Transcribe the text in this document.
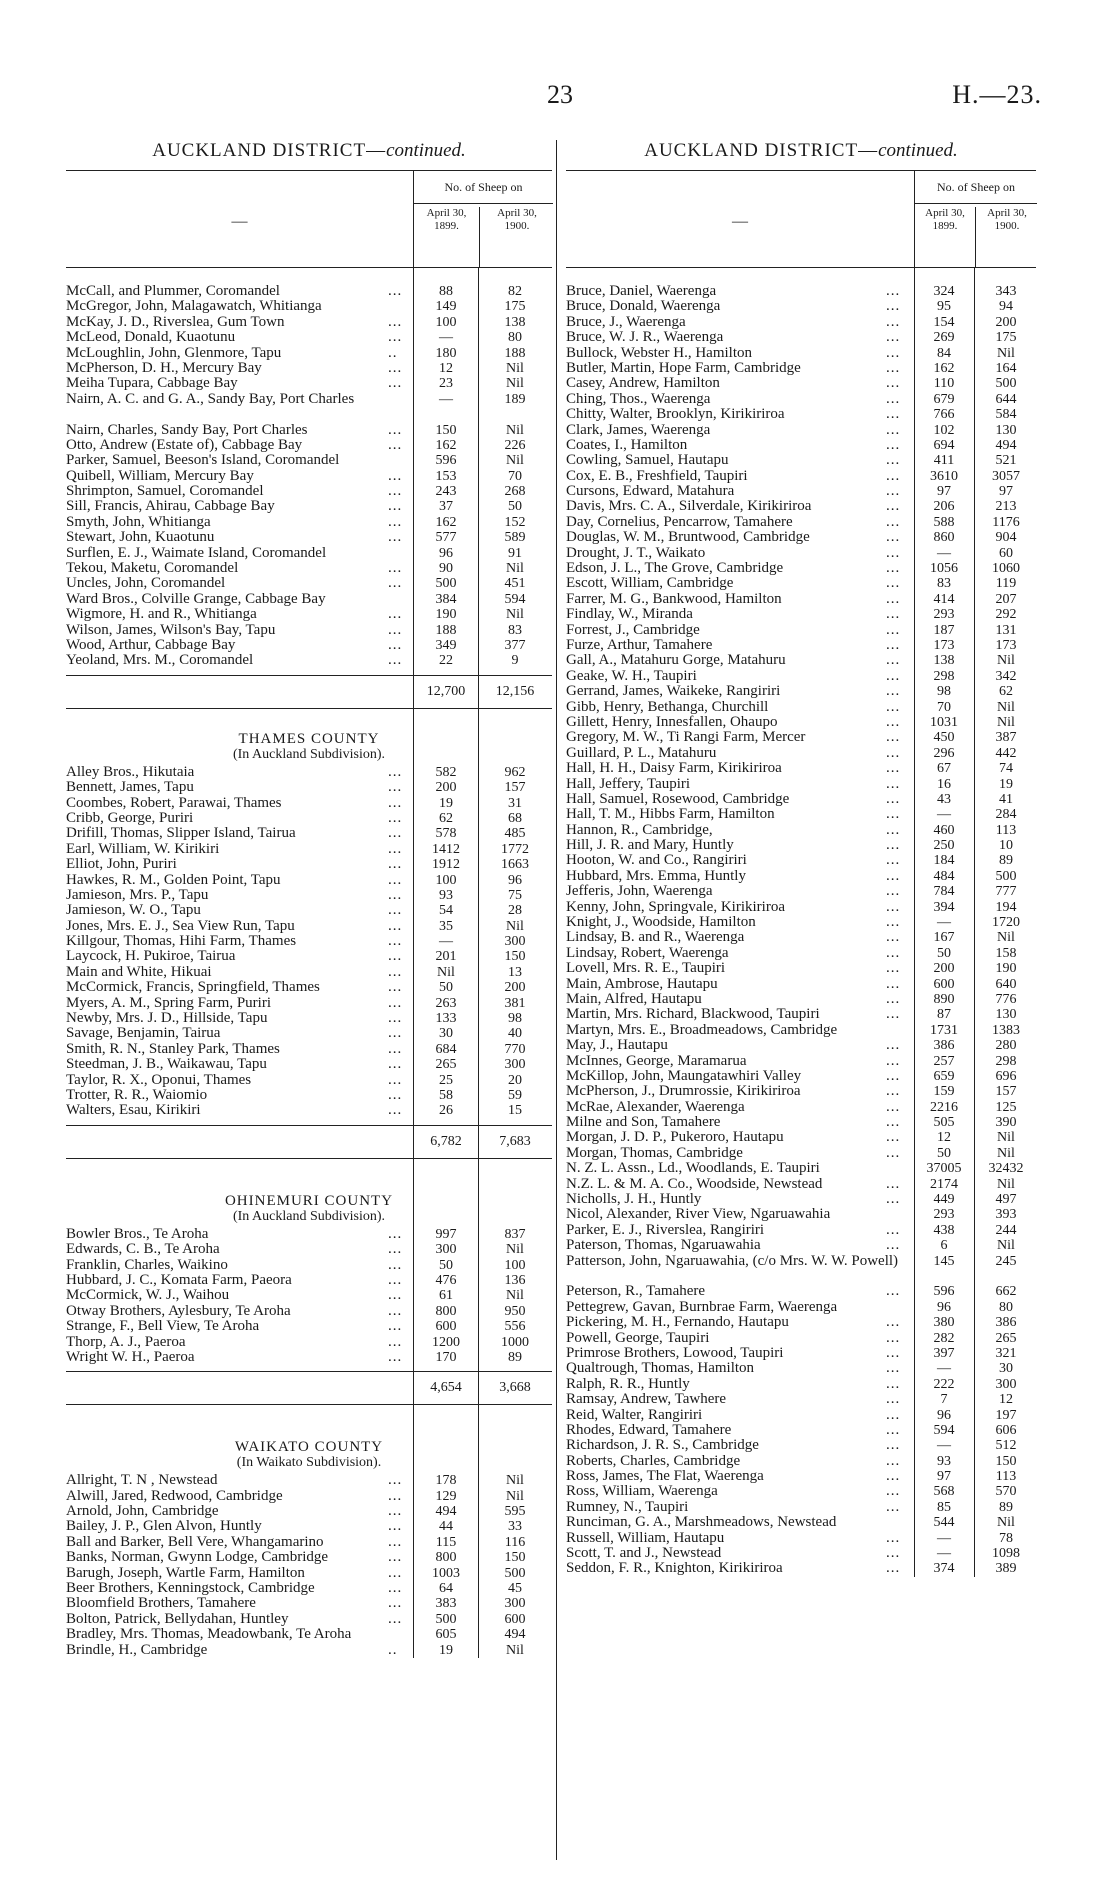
23	H.—23.
AUCKLAND DISTRICT—continued.
—
No. of Sheep on
April 30,
1899.
April 30,
1900.
McCall, and Plummer, Coromandel	...	88	82
McGregor, John, Malagawatch, Whitianga	149	175
McKay, J. D., Riverslea, Gum Town	...	100	138
McLeod, Donald, Kuaotunu	...	—	80
McLoughlin, John, Glenmore, Tapu	..	180	188
McPherson, D. H., Mercury Bay	...	12	Nil
Meiha Tupara, Cabbage Bay	...	23	Nil
Nairn, A. C. and G. A., Sandy Bay, Port Charles	—	189
Nairn, Charles, Sandy Bay, Port Charles	...	150	Nil
Otto, Andrew (Estate of), Cabbage Bay	...	162	226
Parker, Samuel, Beeson's Island, Coromandel	596	Nil
Quibell, William, Mercury Bay	...	153	70
Shrimpton, Samuel, Coromandel	...	243	268
Sill, Francis, Ahirau, Cabbage Bay	...	37	50
Smyth, John, Whitianga	...	162	152
Stewart, John, Kuaotunu	...	577	589
Surflen, E. J., Waimate Island, Coromandel	96	91
Tekou, Maketu, Coromandel	...	90	Nil
Uncles, John, Coromandel	...	500	451
Ward Bros., Colville Grange, Cabbage Bay	384	594
Wigmore, H. and R., Whitianga	...	190	Nil
Wilson, James, Wilson's Bay, Tapu	...	188	83
Wood, Arthur, Cabbage Bay	...	349	377
Yeoland, Mrs. M., Coromandel	...	22	9
12,700	12,156
THAMES COUNTY
(In Auckland Subdivision).
Alley Bros., Hikutaia	...	582	962
Bennett, James, Tapu	...	200	157
Coombes, Robert, Parawai, Thames	...	19	31
Cribb, George, Puriri	...	62	68
Drifill, Thomas, Slipper Island, Tairua	...	578	485
Earl, William, W. Kirikiri	...	1412	1772
Elliot, John, Puriri	...	1912	1663
Hawkes, R. M., Golden Point, Tapu	...	100	96
Jamieson, Mrs. P., Tapu	...	93	75
Jamieson, W. O., Tapu	...	54	28
Jones, Mrs. E. J., Sea View Run, Tapu	...	35	Nil
Killgour, Thomas, Hihi Farm, Thames	...	—	300
Laycock, H. Pukiroe, Tairua	...	201	150
Main and White, Hikuai	...	Nil	13
McCormick, Francis, Springfield, Thames	...	50	200
Myers, A. M., Spring Farm, Puriri	...	263	381
Newby, Mrs. J. D., Hillside, Tapu	...	133	98
Savage, Benjamin, Tairua	...	30	40
Smith, R. N., Stanley Park, Thames	...	684	770
Steedman, J. B., Waikawau, Tapu	...	265	300
Taylor, R. X., Oponui, Thames	...	25	20
Trotter, R. R., Waiomio	...	58	59
Walters, Esau, Kirikiri	...	26	15
6,782	7,683
OHINEMURI COUNTY
(In Auckland Subdivision).
Bowler Bros., Te Aroha	...	997	837
Edwards, C. B., Te Aroha	...	300	Nil
Franklin, Charles, Waikino	...	50	100
Hubbard, J. C., Komata Farm, Paeora	...	476	136
McCormick, W. J., Waihou	...	61	Nil
Otway Brothers, Aylesbury, Te Aroha	...	800	950
Strange, F., Bell View, Te Aroha	...	600	556
Thorp, A. J., Paeroa	...	1200	1000
Wright W. H., Paeroa	...	170	89
4,654	3,668
WAIKATO COUNTY
(In Waikato Subdivision).
Allright, T. N , Newstead	...	178	Nil
Alwill, Jared, Redwood, Cambridge	...	129	Nil
Arnold, John, Cambridge	...	494	595
Bailey, J. P., Glen Alvon, Huntly	...	44	33
Ball and Barker, Bell Vere, Whangamarino	...	115	116
Banks, Norman, Gwynn Lodge, Cambridge	...	800	150
Barugh, Joseph, Wartle Farm, Hamilton	...	1003	500
Beer Brothers, Kenningstock, Cambridge	...	64	45
Bloomfield Brothers, Tamahere	...	383	300
Bolton, Patrick, Bellydahan, Huntley	...	500	600
Bradley, Mrs. Thomas, Meadowbank, Te Aroha	605	494
Brindle, H., Cambridge	..	19	Nil
AUCKLAND DISTRICT—continued.
—
No. of Sheep on
April 30,
1899.
April 30,
1900.
Bruce, Daniel, Waerenga	...	324	343
Bruce, Donald, Waerenga	...	95	94
Bruce, J., Waerenga	...	154	200
Bruce, W. J. R., Waerenga	...	269	175
Bullock, Webster H., Hamilton	...	84	Nil
Butler, Martin, Hope Farm, Cambridge	...	162	164
Casey, Andrew, Hamilton	...	110	500
Ching, Thos., Waerenga	...	679	644
Chitty, Walter, Brooklyn, Kirikiriroa	...	766	584
Clark, James, Waerenga	...	102	130
Coates, I., Hamilton	...	694	494
Cowling, Samuel, Hautapu	...	411	521
Cox, E. B., Freshfield, Taupiri	...	3610	3057
Cursons, Edward, Matahura	...	97	97
Davis, Mrs. C. A., Silverdale, Kirikiriroa	...	206	213
Day, Cornelius, Pencarrow, Tamahere	...	588	1176
Douglas, W. M., Bruntwood, Cambridge	...	860	904
Drought, J. T., Waikato	...	—	60
Edson, J. L., The Grove, Cambridge	...	1056	1060
Escott, William, Cambridge	...	83	119
Farrer, M. G., Bankwood, Hamilton	...	414	207
Findlay, W., Miranda	...	293	292
Forrest, J., Cambridge	...	187	131
Furze, Arthur, Tamahere	...	173	173
Gall, A., Matahuru Gorge, Matahuru	...	138	Nil
Geake, W. H., Taupiri	...	298	342
Gerrand, James, Waikeke, Rangiriri	...	98	62
Gibb, Henry, Bethanga, Churchill	...	70	Nil
Gillett, Henry, Innesfallen, Ohaupo	...	1031	Nil
Gregory, M. W., Ti Rangi Farm, Mercer	...	450	387
Guillard, P. L., Matahuru	...	296	442
Hall, H. H., Daisy Farm, Kirikiriroa	...	67	74
Hall, Jeffery, Taupiri	...	16	19
Hall, Samuel, Rosewood, Cambridge	...	43	41
Hall, T. M., Hibbs Farm, Hamilton	...	—	284
Hannon, R., Cambridge,	...	460	113
Hill, J. R. and Mary, Huntly	...	250	10
Hooton, W. and Co., Rangiriri	...	184	89
Hubbard, Mrs. Emma, Huntly	...	484	500
Jefferis, John, Waerenga	...	784	777
Kenny, John, Springvale, Kirikiriroa	...	394	194
Knight, J., Woodside, Hamilton	...	—	1720
Lindsay, B. and R., Waerenga	...	167	Nil
Lindsay, Robert, Waerenga	...	50	158
Lovell, Mrs. R. E., Taupiri	...	200	190
Main, Ambrose, Hautapu	...	600	640
Main, Alfred, Hautapu	...	890	776
Martin, Mrs. Richard, Blackwood, Taupiri	...	87	130
Martyn, Mrs. E., Broadmeadows, Cambridge	1731	1383
May, J., Hautapu	...	386	280
McInnes, George, Maramarua	...	257	298
McKillop, John, Maungatawhiri Valley	...	659	696
McPherson, J., Drumrossie, Kirikiriroa	...	159	157
McRae, Alexander, Waerenga	...	2216	125
Milne and Son, Tamahere	...	505	390
Morgan, J. D. P., Pukeroro, Hautapu	...	12	Nil
Morgan, Thomas, Cambridge	...	50	Nil
N. Z. L. Assn., Ld., Woodlands, E. Taupiri	37005	32432
N.Z. L. & M. A. Co., Woodside, Newstead	...	2174	Nil
Nicholls, J. H., Huntly	...	449	497
Nicol, Alexander, River View, Ngaruawahia	293	393
Parker, E. J., Riverslea, Rangiriri	...	438	244
Paterson, Thomas, Ngaruawahia	...	6	Nil
Patterson, John, Ngaruawahia, (c/o Mrs. W. W. Powell)	145	245
Peterson, R., Tamahere	...	596	662
Pettegrew, Gavan, Burnbrae Farm, Waerenga	96	80
Pickering, M. H., Fernando, Hautapu	...	380	386
Powell, George, Taupiri	...	282	265
Primrose Brothers, Lowood, Taupiri	...	397	321
Qualtrough, Thomas, Hamilton	...	—	30
Ralph, R. R., Huntly	...	222	300
Ramsay, Andrew, Tawhere	...	7	12
Reid, Walter, Rangiriri	...	96	197
Rhodes, Edward, Tamahere	...	594	606
Richardson, J. R. S., Cambridge	...	—	512
Roberts, Charles, Cambridge	...	93	150
Ross, James, The Flat, Waerenga	...	97	113
Ross, William, Waerenga	...	568	570
Rumney, N., Taupiri	...	85	89
Runciman, G. A., Marshmeadows, Newstead	544	Nil
Russell, William, Hautapu	...	—	78
Scott, T. and J., Newstead	...	—	1098
Seddon, F. R., Knighton, Kirikiriroa	...	374	389
